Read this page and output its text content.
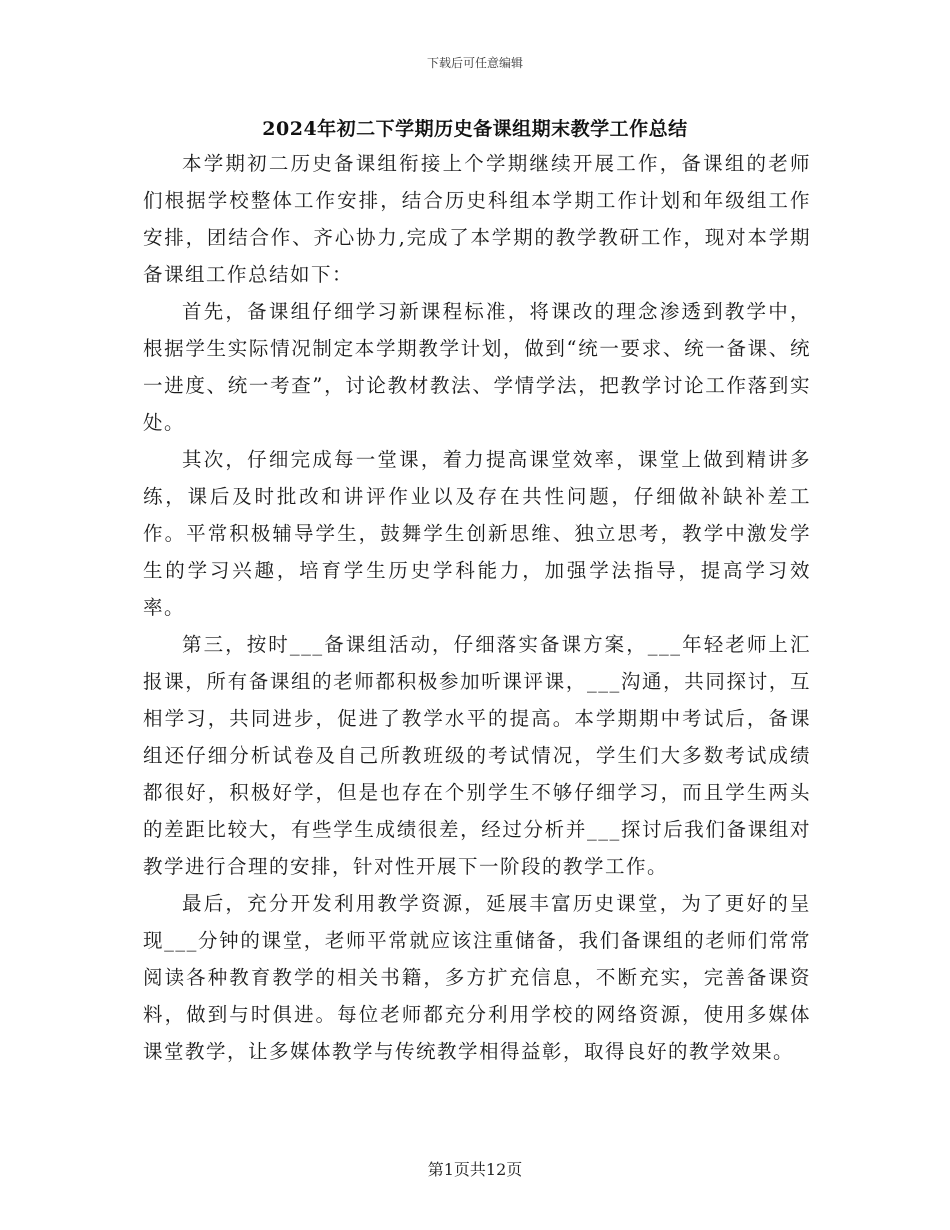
下载后可任意编辑
2024年初二下学期历史备课组期末教学工作总结

本学期初二历史备课组衔接上个学期继续开展工作，备课组的老师们根据学校整体工作安排，结合历史科组本学期工作计划和年级组工作安排，团结合作、齐心协力,完成了本学期的教学教研工作，现对本学期备课组工作总结如下：

首先，备课组仔细学习新课程标准，将课改的理念渗透到教学中，根据学生实际情况制定本学期教学计划，做到“统一要求、统一备课、统一进度、统一考查”，讨论教材教法、学情学法，把教学讨论工作落到实处。

其次，仔细完成每一堂课，着力提高课堂效率，课堂上做到精讲多练，课后及时批改和讲评作业以及存在共性问题，仔细做补缺补差工作。平常积极辅导学生，鼓舞学生创新思维、独立思考，教学中激发学生的学习兴趣，培育学生历史学科能力，加强学法指导，提高学习效率。

第三，按时___备课组活动，仔细落实备课方案，___年轻老师上汇报课，所有备课组的老师都积极参加听课评课，___沟通，共同探讨，互相学习，共同进步，促进了教学水平的提高。本学期期中考试后，备课组还仔细分析试卷及自己所教班级的考试情况，学生们大多数考试成绩都很好，积极好学，但是也存在个别学生不够仔细学习，而且学生两头的差距比较大，有些学生成绩很差，经过分析并___探讨后我们备课组对教学进行合理的安排，针对性开展下一阶段的教学工作。

最后，充分开发利用教学资源，延展丰富历史课堂，为了更好的呈现___分钟的课堂，老师平常就应该注重储备，我们备课组的老师们常常阅读各种教育教学的相关书籍，多方扩充信息，不断充实，完善备课资料，做到与时俱进。每位老师都充分利用学校的网络资源，使用多媒体课堂教学，让多媒体教学与传统教学相得益彰，取得良好的教学效果。

第1页共12页
